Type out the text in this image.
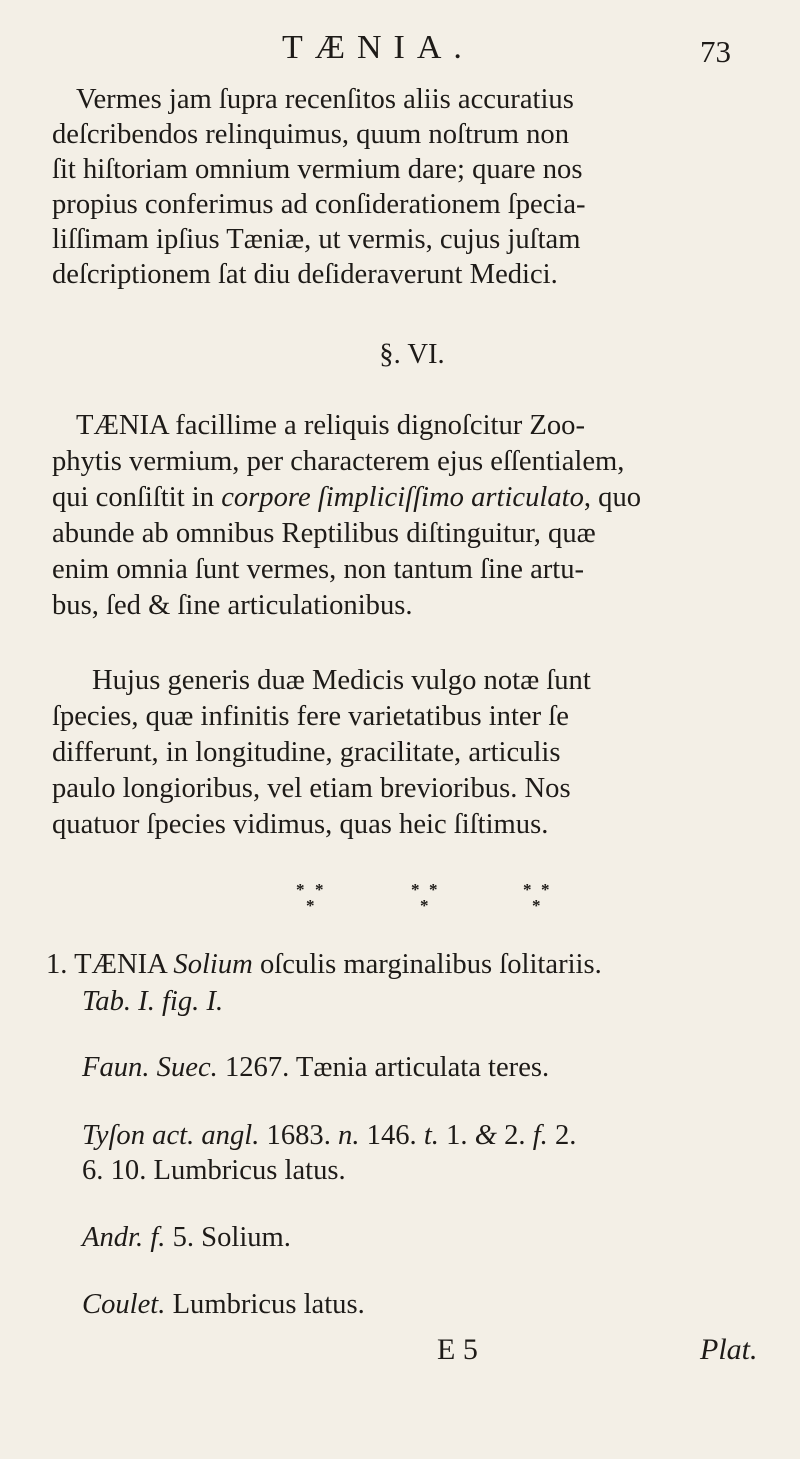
TÆNIA.	73
Vermes jam ſupra recenſitos aliis accuratius
deſcribendos relinquimus, quum noſtrum non
ſit hiſtoriam omnium vermium dare; quare nos
propius conferimus ad conſiderationem ſpecia-
liſſimam ipſius Tæniæ, ut vermis, cujus juſtam
deſcriptionem ſat diu deſideraverunt Medici.
§. VI.
TÆNIA facillime a reliquis dignoſcitur Zoo-
phytis vermium, per characterem ejus eſſentialem,
qui conſiſtit in corpore ſimpliciſſimo articulato, quo
abunde ab omnibus Reptilibus diſtinguitur, quæ
enim omnia ſunt vermes, non tantum ſine artu-
bus, ſed & ſine articulationibus.
Hujus generis duæ Medicis vulgo notæ ſunt
ſpecies, quæ infinitis fere varietatibus inter ſe
differunt, in longitudine, gracilitate, articulis
paulo longioribus, vel etiam brevioribus. Nos
quatuor ſpecies vidimus, quas heic ſiſtimus.
* *
*
* *
*
* *
*
1. TÆNIA Solium oſculis marginalibus ſolitariis.
Tab. I. fig. I.
Faun. Suec. 1267. Tænia articulata teres.
Tyſon act. angl. 1683. n. 146. t. 1. & 2. f. 2.
6. 10. Lumbricus latus.
Andr. f. 5. Solium.
Coulet. Lumbricus latus.
E 5	Plat.
